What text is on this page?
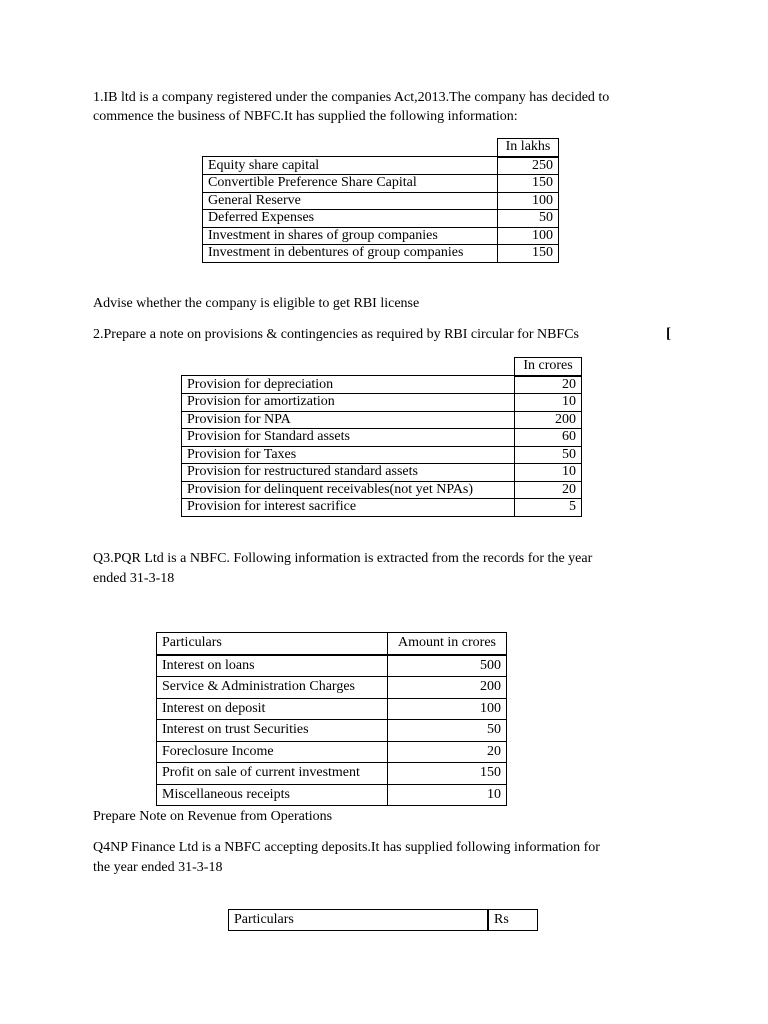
1.IB ltd is a company registered under the companies Act,2013.The company has decided to

commence the business of NBFC.It has supplied the following information:

	In lakhs
Equity share capital	250
Convertible Preference Share Capital	150
General Reserve	100
Deferred Expenses	50
Investment in shares of group companies	100
Investment in debentures of group companies	150

Advise whether the company is eligible to get RBI license

2.Prepare a note on provisions & contingencies as required by RBI circular for NBFCs	[
	In crores
Provision for depreciation	20
Provision for amortization	10
Provision for NPA	200
Provision for Standard assets	60
Provision for Taxes	50
Provision for restructured standard assets	10
Provision for delinquent receivables(not yet NPAs)	20
Provision for interest sacrifice	5

Q3.PQR Ltd is a NBFC. Following information is extracted from the records for the year

ended 31-3-18

Particulars	Amount in crores
Interest on loans	500
Service & Administration Charges	200
Interest on deposit	100
Interest on trust Securities	50
Foreclosure Income	20
Profit on sale of current investment	150
Miscellaneous receipts	10

Prepare Note on Revenue from Operations

Q4NP Finance Ltd is a NBFC accepting deposits.It has supplied following information for

the year ended 31-3-18

Particulars	Rs
